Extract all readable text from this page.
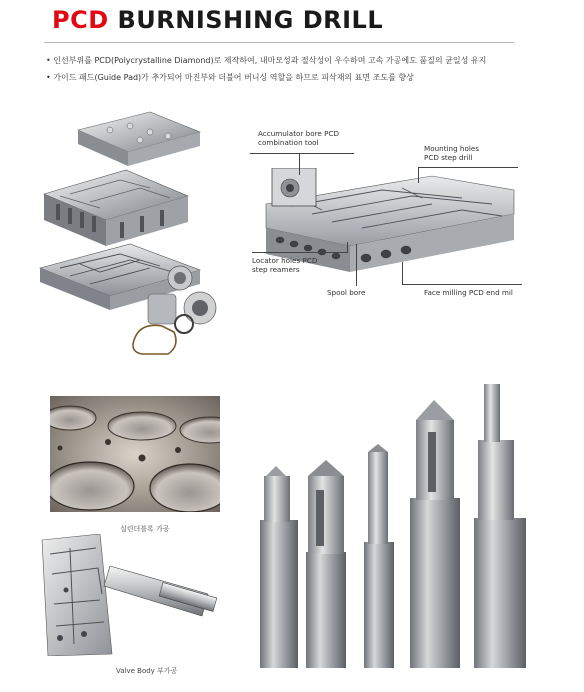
PCD BURNISHING DRILL
• 인선부위를 PCD(Polycrystalline Diamond)로 제작하여, 내마모성과 절삭성이 우수하며 고속 가공에도 품질의 균일성 유지
• 가이드 패드(Guide Pad)가 추가되어 마진부와 더불어 버니싱 역할을 하므로 피삭재의 표면 조도를 향상
Accumulator bore PCD
combination tool
Mounting holes
PCD step drill
Locator holes PCD
step reamers
Spool bore	Face milling PCD end mil
실린더블록 가공
Valve Body 부가공
